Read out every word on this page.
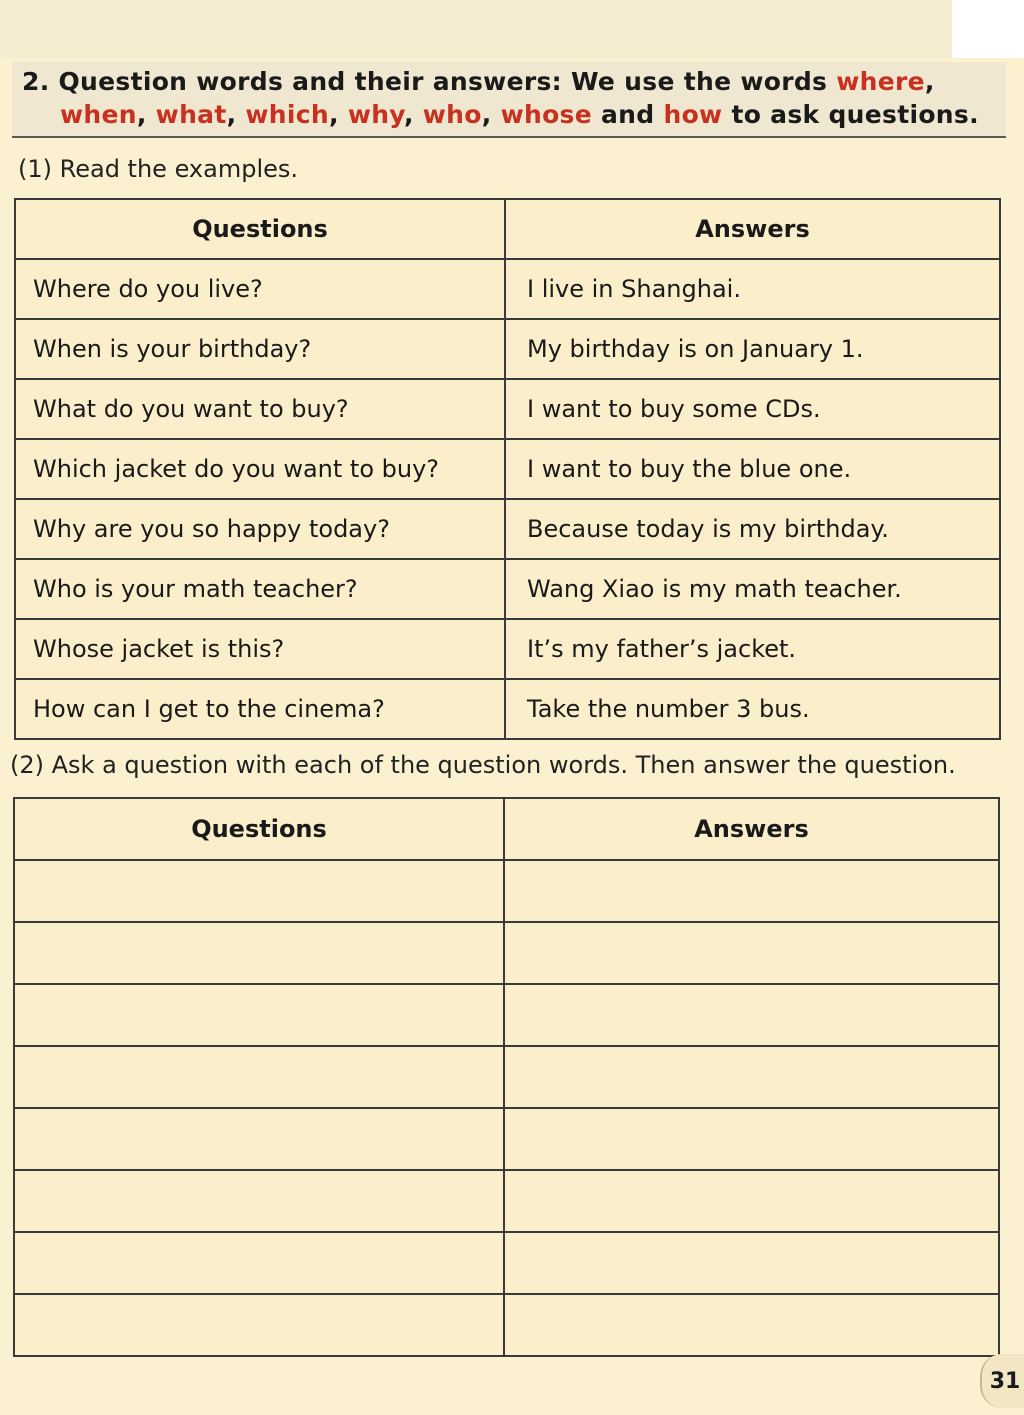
2. Question words and their answers: We use the words where,
when, what, which, why, who, whose and how to ask questions.
(1) Read the examples.
Questions	Answers
Where do you live?	I live in Shanghai.
When is your birthday?	My birthday is on January 1.
What do you want to buy?	I want to buy some CDs.
Which jacket do you want to buy?	I want to buy the blue one.
Why are you so happy today?	Because today is my birthday.
Who is your math teacher?	Wang Xiao is my math teacher.
Whose jacket is this?	It’s my father’s jacket.
How can I get to the cinema?	Take the number 3 bus.
(2) Ask a question with each of the question words. Then answer the question.
Questions	Answers

31
